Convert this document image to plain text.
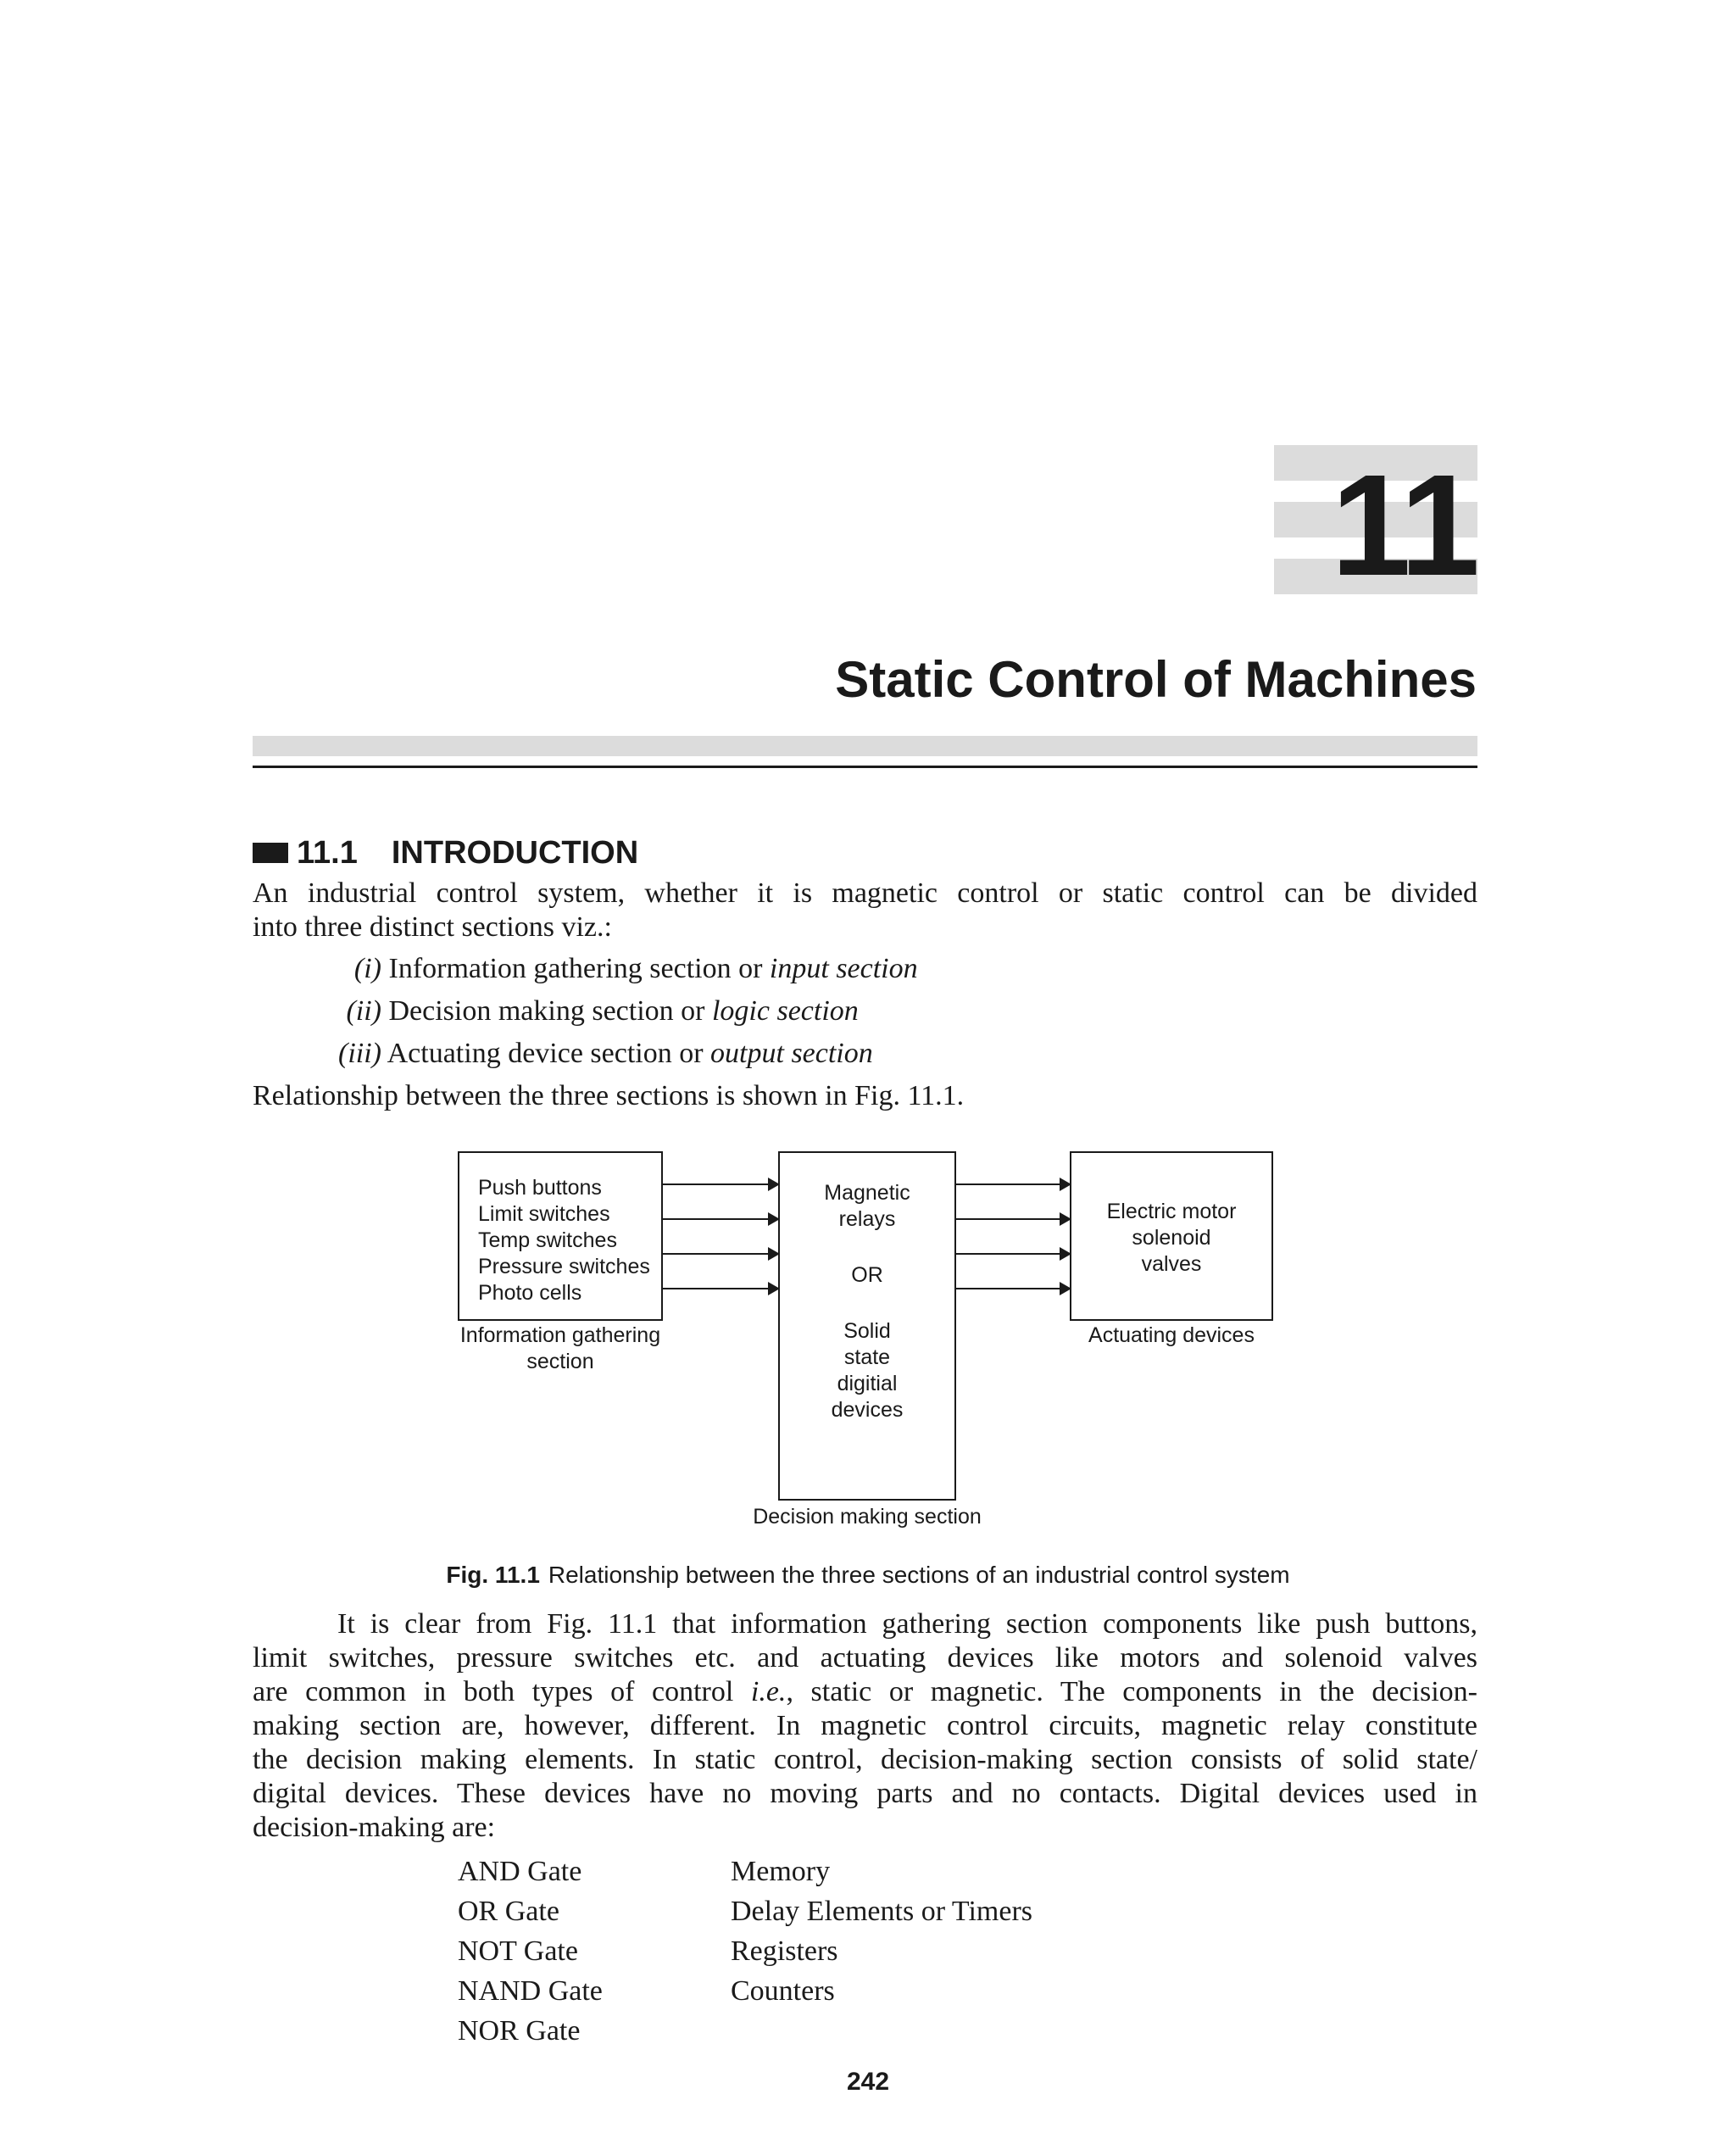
11
Static Control of Machines
11.1 INTRODUCTION
An industrial control system, whether it is magnetic control or static control can be divided
into three distinct sections viz.:
(i) Information gathering section or input section
(ii) Decision making section or logic section
(iii) Actuating device section or output section
Relationship between the three sections is shown in Fig. 11.1.
Push buttons
Limit switches
Temp switches
Pressure switches
Photo cells
Information gathering
section
Magnetic
relays
OR
Solid
state
digitial
devices
Decision making section
Electric motor
solenoid
valves
Actuating devices
Fig. 11.1 Relationship between the three sections of an industrial control system
It is clear from Fig. 11.1 that information gathering section components like push buttons,
limit switches, pressure switches etc. and actuating devices like motors and solenoid valves
are common in both types of control i.e., static or magnetic. The components in the decision-
making section are, however, different. In magnetic control circuits, magnetic relay constitute
the decision making elements. In static control, decision-making section consists of solid state/
digital devices. These devices have no moving parts and no contacts. Digital devices used in
decision-making are:
AND Gate
OR Gate
NOT Gate
NAND Gate
NOR Gate
Memory
Delay Elements or Timers
Registers
Counters
242
